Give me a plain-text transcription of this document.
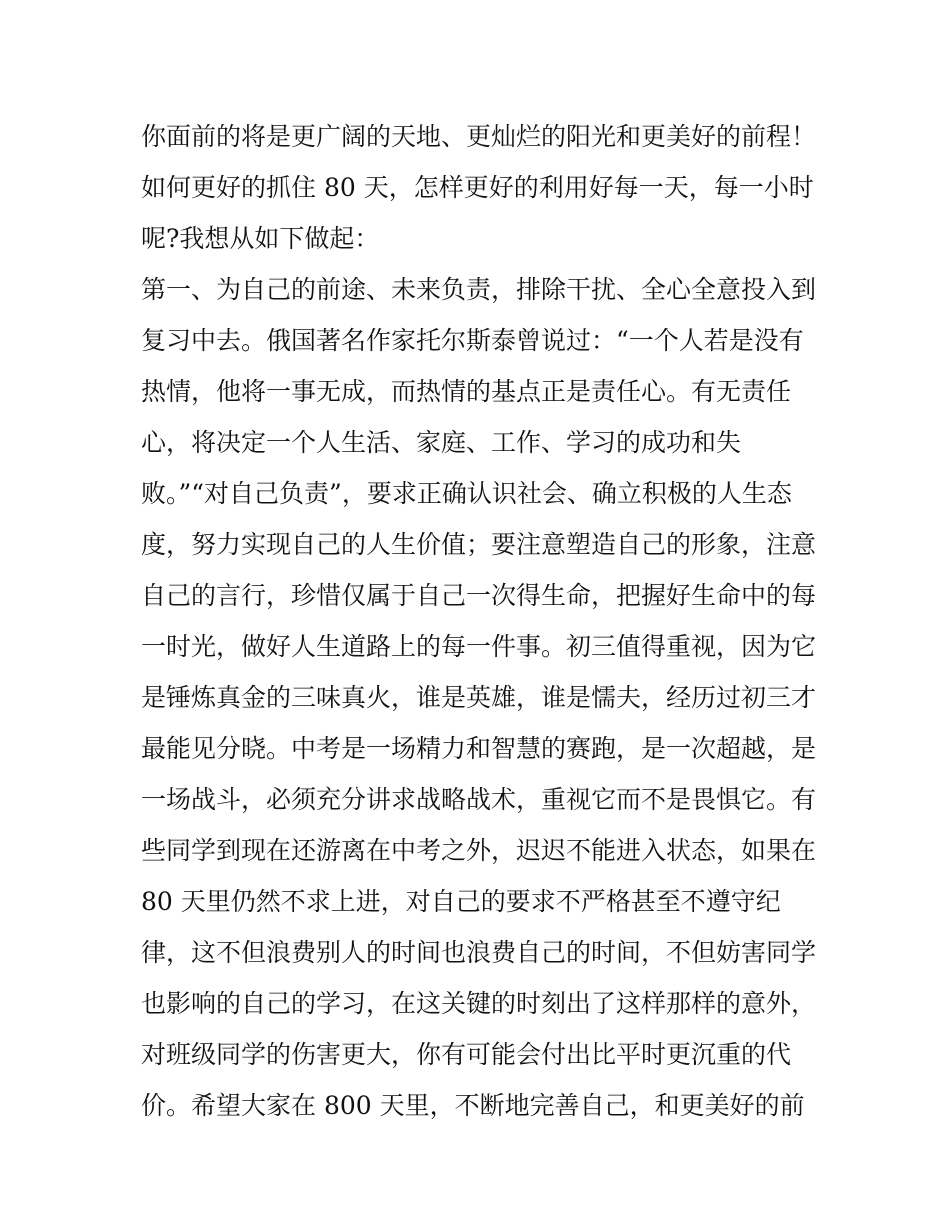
你面前的将是更广阔的天地、更灿烂的阳光和更美好的前程！
如何更好的抓住 80 天，怎样更好的利用好每一天，每一小时
呢?我想从如下做起：
第一、为自己的前途、未来负责，排除干扰、全心全意投入到
复习中去。俄国著名作家托尔斯泰曾说过：“一个人若是没有
热情，他将一事无成，而热情的基点正是责任心。有无责任
心，将决定一个人生活、家庭、工作、学习的成功和失
败。”“对自己负责”，要求正确认识社会、确立积极的人生态
度，努力实现自己的人生价值；要注意塑造自己的形象，注意
自己的言行，珍惜仅属于自己一次得生命，把握好生命中的每
一时光，做好人生道路上的每一件事。初三值得重视，因为它
是锤炼真金的三味真火，谁是英雄，谁是懦夫，经历过初三才
最能见分晓。中考是一场精力和智慧的赛跑，是一次超越，是
一场战斗，必须充分讲求战略战术，重视它而不是畏惧它。有
些同学到现在还游离在中考之外，迟迟不能进入状态，如果在
80 天里仍然不求上进，对自己的要求不严格甚至不遵守纪
律，这不但浪费别人的时间也浪费自己的时间，不但妨害同学
也影响的自己的学习，在这关键的时刻出了这样那样的意外，
对班级同学的伤害更大，你有可能会付出比平时更沉重的代
价。希望大家在 800 天里，不断地完善自己，和更美好的前
